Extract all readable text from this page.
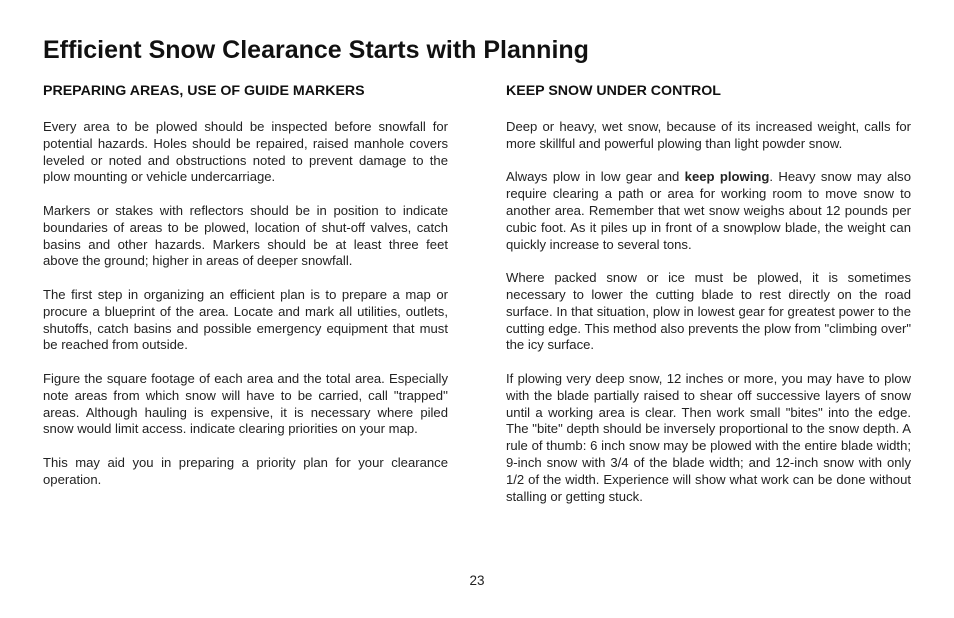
Efficient Snow Clearance Starts with Planning
PREPARING AREAS, USE OF GUIDE MARKERS

Every area to be plowed should be inspected before snowfall for potential hazards. Holes should be repaired, raised manhole covers leveled or noted and obstructions noted to prevent damage to the plow mounting or vehicle undercarriage.

Markers or stakes with reflectors should be in position to indicate boundaries of areas to be plowed, location of shut-off valves, catch basins and other hazards. Markers should be at least three feet above the ground; higher in areas of deeper snowfall.

The first step in organizing an efficient plan is to prepare a map or procure a blueprint of the area. Locate and mark all utilities, outlets, shutoffs, catch basins and possible emergency equipment that must be reached from outside.

Figure the square footage of each area and the total area. Especially note areas from which snow will have to be carried, call "trapped'' areas. Although hauling is expensive, it is necessary where piled snow would limit access. indicate clearing priorities on your map.

This may aid you in preparing a priority plan for your clearance operation.

KEEP SNOW UNDER CONTROL

Deep or heavy, wet snow, because of its increased weight, calls for more skillful and powerful plowing than light powder snow.

Always plow in low gear and keep plowing. Heavy snow may also require clearing a path or area for working room to move snow to another area. Remember that wet snow weighs about 12 pounds per cubic foot. As it piles up in front of a snowplow blade, the weight can quickly increase to several tons.

Where packed snow or ice must be plowed, it is sometimes necessary to lower the cutting blade to rest directly on the road surface. In that situation, plow in lowest gear for greatest power to the cutting edge. This method also prevents the plow from "climbing over" the icy surface.

If plowing very deep snow, 12 inches or more, you may have to plow with the blade partially raised to shear off successive layers of snow until a working area is clear. Then work small "bites" into the edge. The "bite" depth should be inversely proportional to the snow depth. A rule of thumb: 6 inch snow may be plowed with the entire blade width; 9-inch snow with 3/4 of the blade width; and 12-inch snow with only 1/2 of the width. Experience will show what work can be done without stalling or getting stuck.

23
